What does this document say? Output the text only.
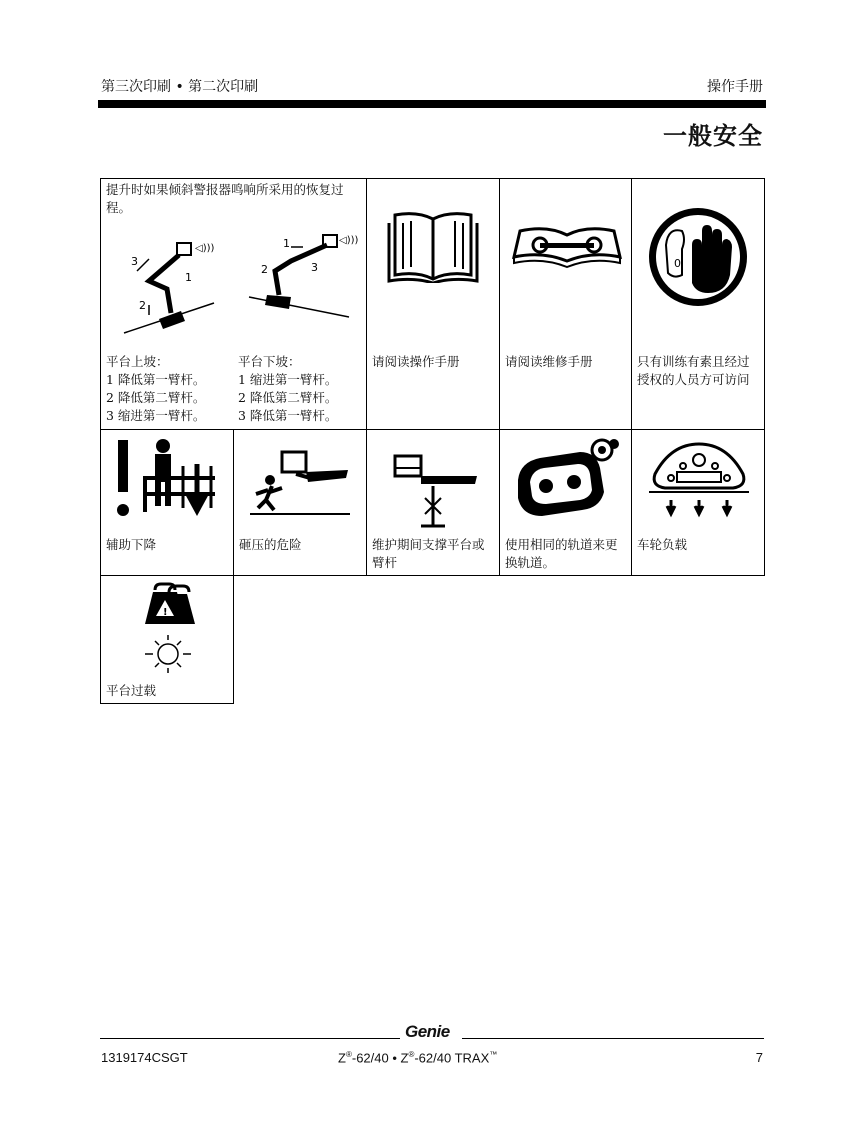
第三次印刷 • 第二次印刷	操作手册
一般安全
提升时如果倾斜警报器鸣响所采用的恢复过程。
◁)))
3
1
2
◁)))
1
2	3
平台上坡：
1 降低第一臂杆。
2 降低第二臂杆。
3 缩进第一臂杆。
平台下坡：
1 缩进第一臂杆。
2 降低第二臂杆。
3 降低第一臂杆。
请阅读操作手册	请阅读维修手册
0
只有训练有素且经过授权的人员方可访问
辅助下降	砸压的危险	维护期间支撑平台或臂杆
使用相同的轨道来更换轨道。
车轮负载
!
平台过载
Genie
1319174CSGT	Z®-62/40 • Z®-62/40 TRAX™	7
